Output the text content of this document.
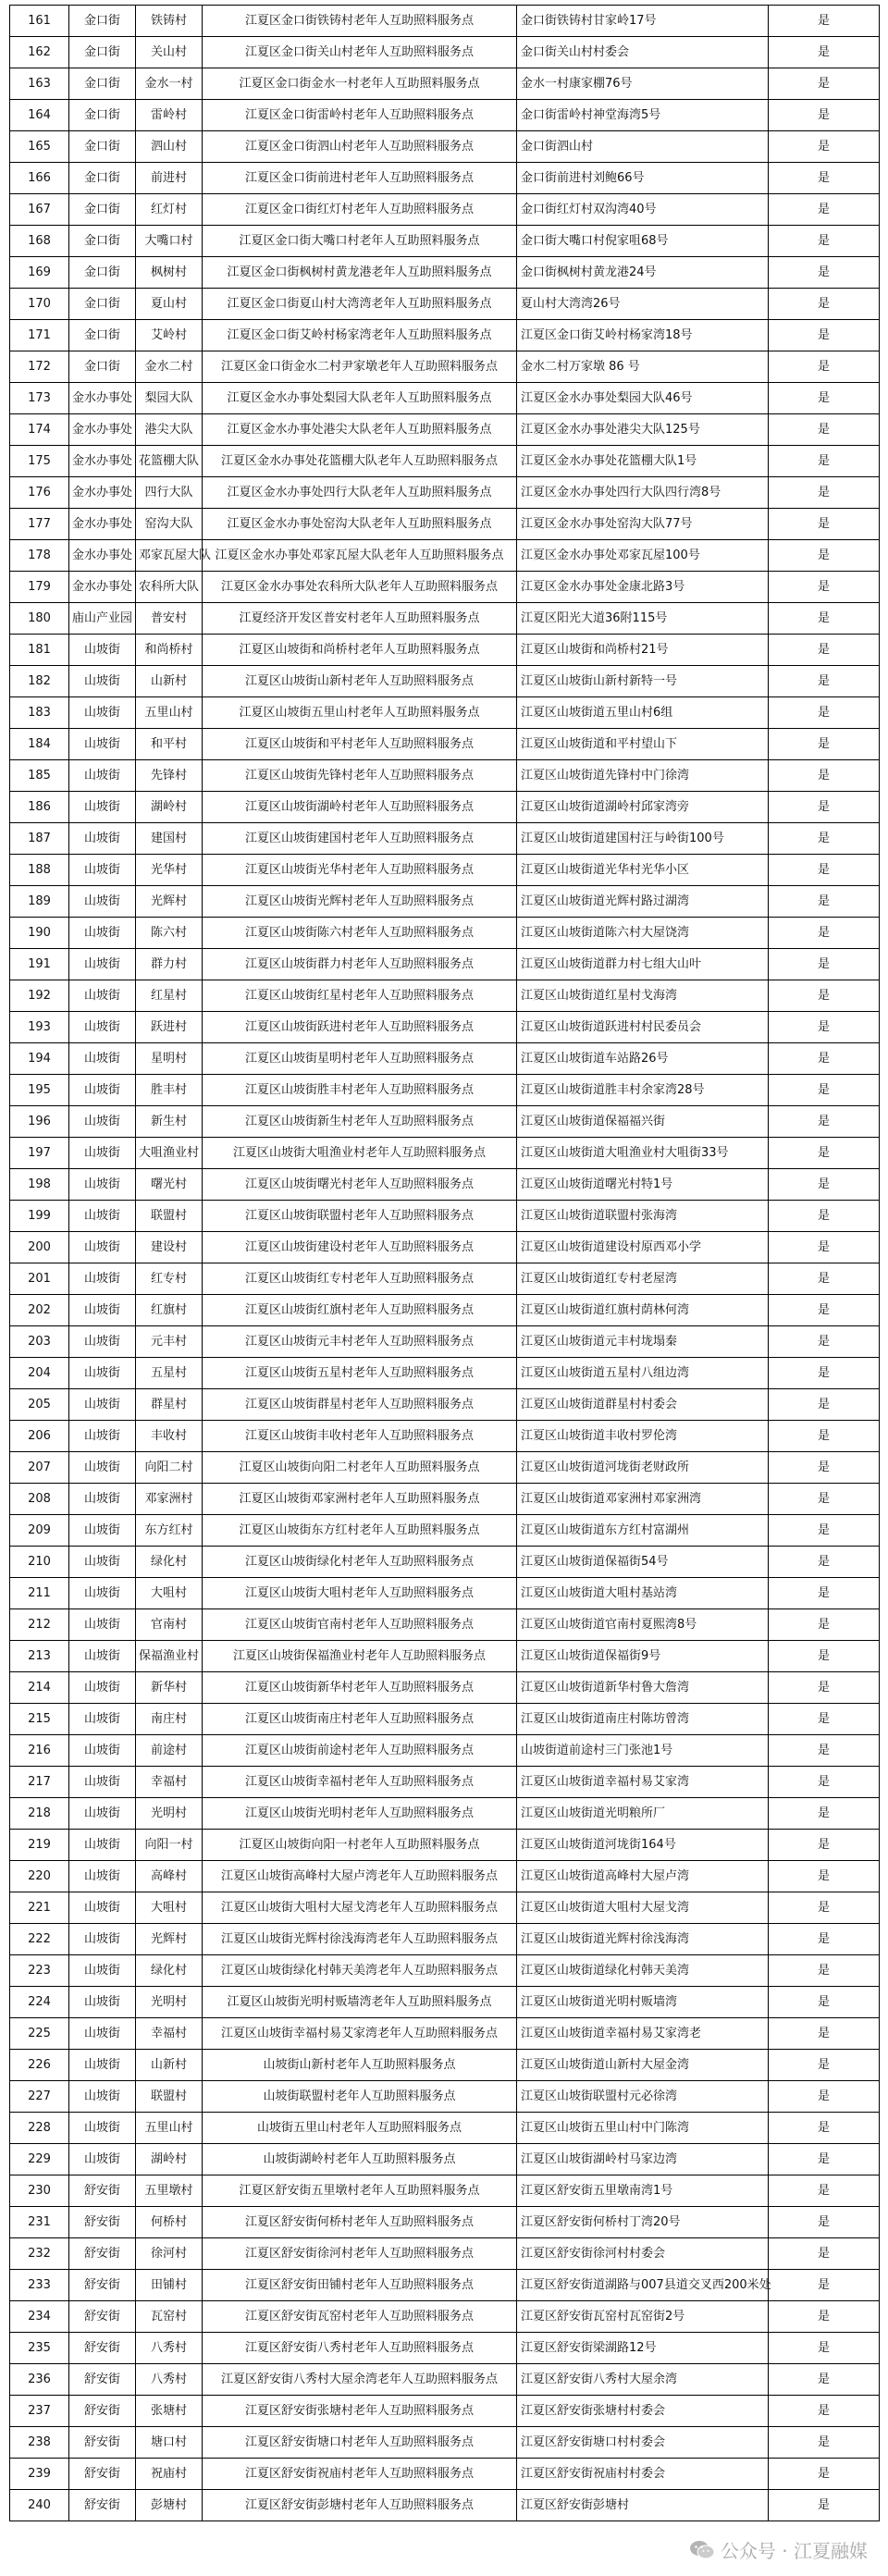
161	金口街	铁铸村	江夏区金口街铁铸村老年人互助照料服务点	金口街铁铸村甘家岭17号	是
162	金口街	关山村	江夏区金口街关山村老年人互助照料服务点	金口街关山村村委会	是
163	金口街	金水一村	江夏区金口街金水一村老年人互助照料服务点	金水一村康家棚76号	是
164	金口街	雷岭村	江夏区金口街雷岭村老年人互助照料服务点	金口街雷岭村神堂海湾5号	是
165	金口街	泗山村	江夏区金口街泗山村老年人互助照料服务点	金口街泗山村	是
166	金口街	前进村	江夏区金口街前进村老年人互助照料服务点	金口街前进村刘鲍66号	是
167	金口街	红灯村	江夏区金口街红灯村老年人互助照料服务点	金口街红灯村双沟湾40号	是
168	金口街	大嘴口村	江夏区金口街大嘴口村老年人互助照料服务点	金口街大嘴口村倪家咀68号	是
169	金口街	枫树村	江夏区金口街枫树村黄龙港老年人互助照料服务点	金口街枫树村黄龙港24号	是
170	金口街	夏山村	江夏区金口街夏山村大湾湾老年人互助照料服务点	夏山村大湾湾26号	是
171	金口街	艾岭村	江夏区金口街艾岭村杨家湾老年人互助照料服务点	江夏区金口街艾岭村杨家湾18号	是
172	金口街	金水二村	江夏区金口街金水二村尹家墩老年人互助照料服务点	金水二村万家墩 86 号	是
173	金水办事处	梨园大队	江夏区金水办事处梨园大队老年人互助照料服务点	江夏区金水办事处梨园大队46号	是
174	金水办事处	港尖大队	江夏区金水办事处港尖大队老年人互助照料服务点	江夏区金水办事处港尖大队125号	是
175	金水办事处	花篮棚大队	江夏区金水办事处花篮棚大队老年人互助照料服务点	江夏区金水办事处花篮棚大队1号	是
176	金水办事处	四行大队	江夏区金水办事处四行大队老年人互助照料服务点	江夏区金水办事处四行大队四行湾8号	是
177	金水办事处	窑沟大队	江夏区金水办事处窑沟大队老年人互助照料服务点	江夏区金水办事处窑沟大队77号	是
178	金水办事处	邓家瓦屋大队	江夏区金水办事处邓家瓦屋大队老年人互助照料服务点	江夏区金水办事处邓家瓦屋100号	是
179	金水办事处	农科所大队	江夏区金水办事处农科所大队老年人互助照料服务点	江夏区金水办事处金康北路3号	是
180	庙山产业园	普安村	江夏经济开发区普安村老年人互助照料服务点	江夏区阳光大道36附115号	是
181	山坡街	和尚桥村	江夏区山坡街和尚桥村老年人互助照料服务点	江夏区山坡街和尚桥村21号	是
182	山坡街	山新村	江夏区山坡街山新村老年人互助照料服务点	江夏区山坡街山新村新特一号	是
183	山坡街	五里山村	江夏区山坡街五里山村老年人互助照料服务点	江夏区山坡街道五里山村6组	是
184	山坡街	和平村	江夏区山坡街和平村老年人互助照料服务点	江夏区山坡街道和平村望山下	是
185	山坡街	先锋村	江夏区山坡街先锋村老年人互助照料服务点	江夏区山坡街道先锋村中门徐湾	是
186	山坡街	湖岭村	江夏区山坡街湖岭村老年人互助照料服务点	江夏区山坡街道湖岭村邱家湾旁	是
187	山坡街	建国村	江夏区山坡街建国村老年人互助照料服务点	江夏区山坡街道建国村汪与岭街100号	是
188	山坡街	光华村	江夏区山坡街光华村老年人互助照料服务点	江夏区山坡街道光华村光华小区	是
189	山坡街	光辉村	江夏区山坡街光辉村老年人互助照料服务点	江夏区山坡街道光辉村路过湖湾	是
190	山坡街	陈六村	江夏区山坡街陈六村老年人互助照料服务点	江夏区山坡街道陈六村大屋饶湾	是
191	山坡街	群力村	江夏区山坡街群力村老年人互助照料服务点	江夏区山坡街道群力村七组大山叶	是
192	山坡街	红星村	江夏区山坡街红星村老年人互助照料服务点	江夏区山坡街道红星村戈海湾	是
193	山坡街	跃进村	江夏区山坡街跃进村老年人互助照料服务点	江夏区山坡街道跃进村村民委员会	是
194	山坡街	星明村	江夏区山坡街星明村老年人互助照料服务点	江夏区山坡街道车站路26号	是
195	山坡街	胜丰村	江夏区山坡街胜丰村老年人互助照料服务点	江夏区山坡街道胜丰村余家湾28号	是
196	山坡街	新生村	江夏区山坡街新生村老年人互助照料服务点	江夏区山坡街道保福福兴街	是
197	山坡街	大咀渔业村	江夏区山坡街大咀渔业村老年人互助照料服务点	江夏区山坡街道大咀渔业村大咀街33号	是
198	山坡街	曙光村	江夏区山坡街曙光村老年人互助照料服务点	江夏区山坡街道曙光村特1号	是
199	山坡街	联盟村	江夏区山坡街联盟村老年人互助照料服务点	江夏区山坡街道联盟村张海湾	是
200	山坡街	建设村	江夏区山坡街建设村老年人互助照料服务点	江夏区山坡街道建设村原西邓小学	是
201	山坡街	红专村	江夏区山坡街红专村老年人互助照料服务点	江夏区山坡街道红专村老屋湾	是
202	山坡街	红旗村	江夏区山坡街红旗村老年人互助照料服务点	江夏区山坡街道红旗村荫林何湾	是
203	山坡街	元丰村	江夏区山坡街元丰村老年人互助照料服务点	江夏区山坡街道元丰村垅塌秦	是
204	山坡街	五星村	江夏区山坡街五星村老年人互助照料服务点	江夏区山坡街道五星村八组边湾	是
205	山坡街	群星村	江夏区山坡街群星村老年人互助照料服务点	江夏区山坡街道群星村村委会	是
206	山坡街	丰收村	江夏区山坡街丰收村老年人互助照料服务点	江夏区山坡街道丰收村罗伦湾	是
207	山坡街	向阳二村	江夏区山坡街向阳二村老年人互助照料服务点	江夏区山坡街道河垅街老财政所	是
208	山坡街	邓家洲村	江夏区山坡街邓家洲村老年人互助照料服务点	江夏区山坡街道邓家洲村邓家洲湾	是
209	山坡街	东方红村	江夏区山坡街东方红村老年人互助照料服务点	江夏区山坡街道东方红村富湖州	是
210	山坡街	绿化村	江夏区山坡街绿化村老年人互助照料服务点	江夏区山坡街道保福街54号	是
211	山坡街	大咀村	江夏区山坡街大咀村老年人互助照料服务点	江夏区山坡街道大咀村基站湾	是
212	山坡街	官南村	江夏区山坡街官南村老年人互助照料服务点	江夏区山坡街道官南村夏熙湾8号	是
213	山坡街	保福渔业村	江夏区山坡街保福渔业村老年人互助照料服务点	江夏区山坡街道保福街9号	是
214	山坡街	新华村	江夏区山坡街新华村老年人互助照料服务点	江夏区山坡街道新华村鲁大詹湾	是
215	山坡街	南庄村	江夏区山坡街南庄村老年人互助照料服务点	江夏区山坡街道南庄村陈坊曾湾	是
216	山坡街	前途村	江夏区山坡街前途村老年人互助照料服务点	山坡街道前途村三门张池1号	是
217	山坡街	幸福村	江夏区山坡街幸福村老年人互助照料服务点	江夏区山坡街道幸福村易艾家湾	是
218	山坡街	光明村	江夏区山坡街光明村老年人互助照料服务点	江夏区山坡街道光明粮所厂	是
219	山坡街	向阳一村	江夏区山坡街向阳一村老年人互助照料服务点	江夏区山坡街道河垅街164号	是
220	山坡街	高峰村	江夏区山坡街高峰村大屋卢湾老年人互助照料服务点	江夏区山坡街道高峰村大屋卢湾	是
221	山坡街	大咀村	江夏区山坡街大咀村大屋戈湾老年人互助照料服务点	江夏区山坡街道大咀村大屋戈湾	是
222	山坡街	光辉村	江夏区山坡街光辉村徐浅海湾老年人互助照料服务点	江夏区山坡街道光辉村徐浅海湾	是
223	山坡街	绿化村	江夏区山坡街绿化村韩天美湾老年人互助照料服务点	江夏区山坡街道绿化村韩天美湾	是
224	山坡街	光明村	江夏区山坡街光明村贩墙湾老年人互助照料服务点	江夏区山坡街道光明村贩墙湾	是
225	山坡街	幸福村	江夏区山坡街幸福村易艾家湾老年人互助照料服务点	江夏区山坡街道幸福村易艾家湾老	是
226	山坡街	山新村	山坡街山新村老年人互助照料服务点	江夏区山坡街道山新村大屋金湾	是
227	山坡街	联盟村	山坡街联盟村老年人互助照料服务点	江夏区山坡街联盟村元必徐湾	是
228	山坡街	五里山村	山坡街五里山村老年人互助照料服务点	江夏区山坡街五里山村中门陈湾	是
229	山坡街	湖岭村	山坡街湖岭村老年人互助照料服务点	江夏区山坡街湖岭村马家边湾	是
230	舒安街	五里墩村	江夏区舒安街五里墩村老年人互助照料服务点	江夏区舒安街五里墩南湾1号	是
231	舒安街	何桥村	江夏区舒安街何桥村老年人互助照料服务点	江夏区舒安街何桥村丁湾20号	是
232	舒安街	徐河村	江夏区舒安街徐河村老年人互助照料服务点	江夏区舒安街徐河村村委会	是
233	舒安街	田铺村	江夏区舒安街田铺村老年人互助照料服务点	江夏区舒安街道湖路与007县道交叉西200米处	是
234	舒安街	瓦窑村	江夏区舒安街瓦窑村老年人互助照料服务点	江夏区舒安街瓦窑村瓦窑街2号	是
235	舒安街	八秀村	江夏区舒安街八秀村老年人互助照料服务点	江夏区舒安街梁湖路12号	是
236	舒安街	八秀村	江夏区舒安街八秀村大屋余湾老年人互助照料服务点	江夏区舒安街八秀村大屋余湾	是
237	舒安街	张塘村	江夏区舒安街张塘村老年人互助照料服务点	江夏区舒安街张塘村村委会	是
238	舒安街	塘口村	江夏区舒安街塘口村老年人互助照料服务点	江夏区舒安街塘口村村委会	是
239	舒安街	祝庙村	江夏区舒安街祝庙村老年人互助照料服务点	江夏区舒安街祝庙村村委会	是
240	舒安街	彭塘村	江夏区舒安街彭塘村老年人互助照料服务点	江夏区舒安街彭塘村	是
公众号 · 江夏融媒
